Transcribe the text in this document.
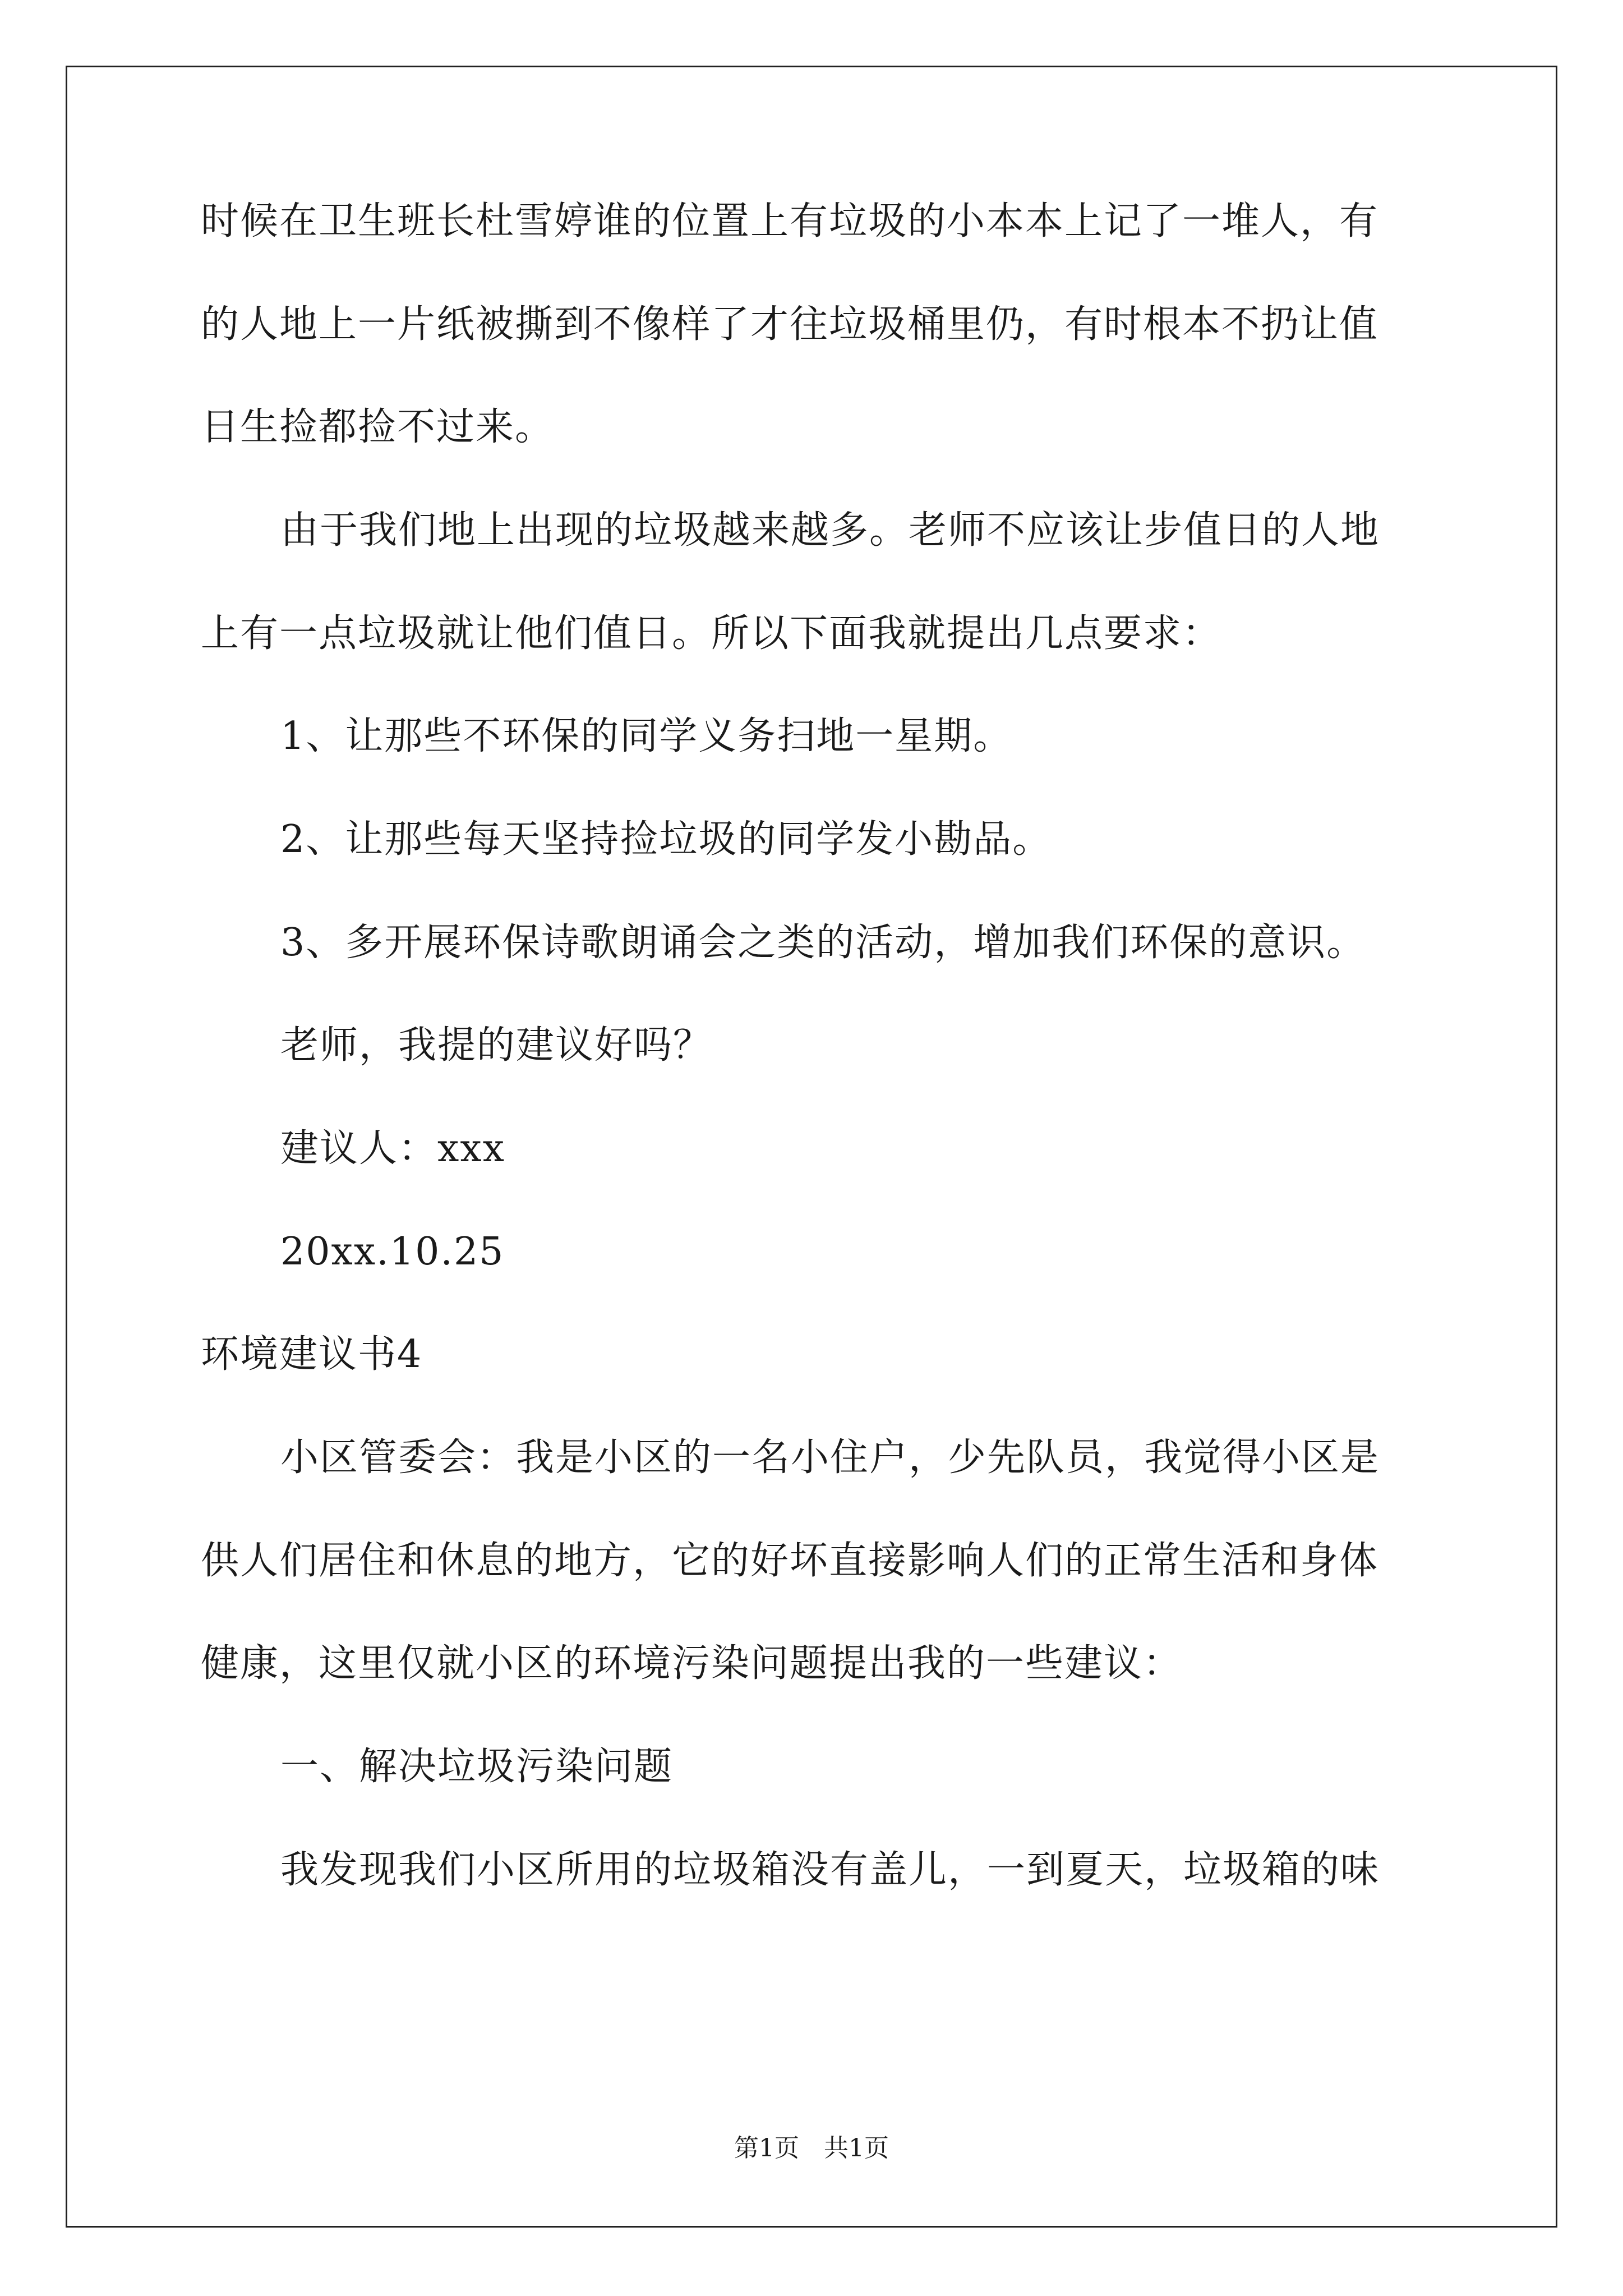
时候在卫生班长杜雪婷谁的位置上有垃圾的小本本上记了一堆人，有
的人地上一片纸被撕到不像样了才往垃圾桶里仍，有时根本不扔让值
日生捡都捡不过来。
由于我们地上出现的垃圾越来越多。老师不应该让步值日的人地
上有一点垃圾就让他们值日。所以下面我就提出几点要求：
1、让那些不环保的同学义务扫地一星期。
2、让那些每天坚持捡垃圾的同学发小勘品。
3、多开展环保诗歌朗诵会之类的活动，增加我们环保的意识。
老师，我提的建议好吗？
建议人：xxx
20xx.10.25
环境建议书4
小区管委会：我是小区的一名小住户，少先队员，我觉得小区是
供人们居住和休息的地方，它的好坏直接影响人们的正常生活和身体
健康，这里仅就小区的环境污染问题提出我的一些建议：
一、解决垃圾污染问题
我发现我们小区所用的垃圾箱没有盖儿，一到夏天，垃圾箱的味
第1页　共1页
